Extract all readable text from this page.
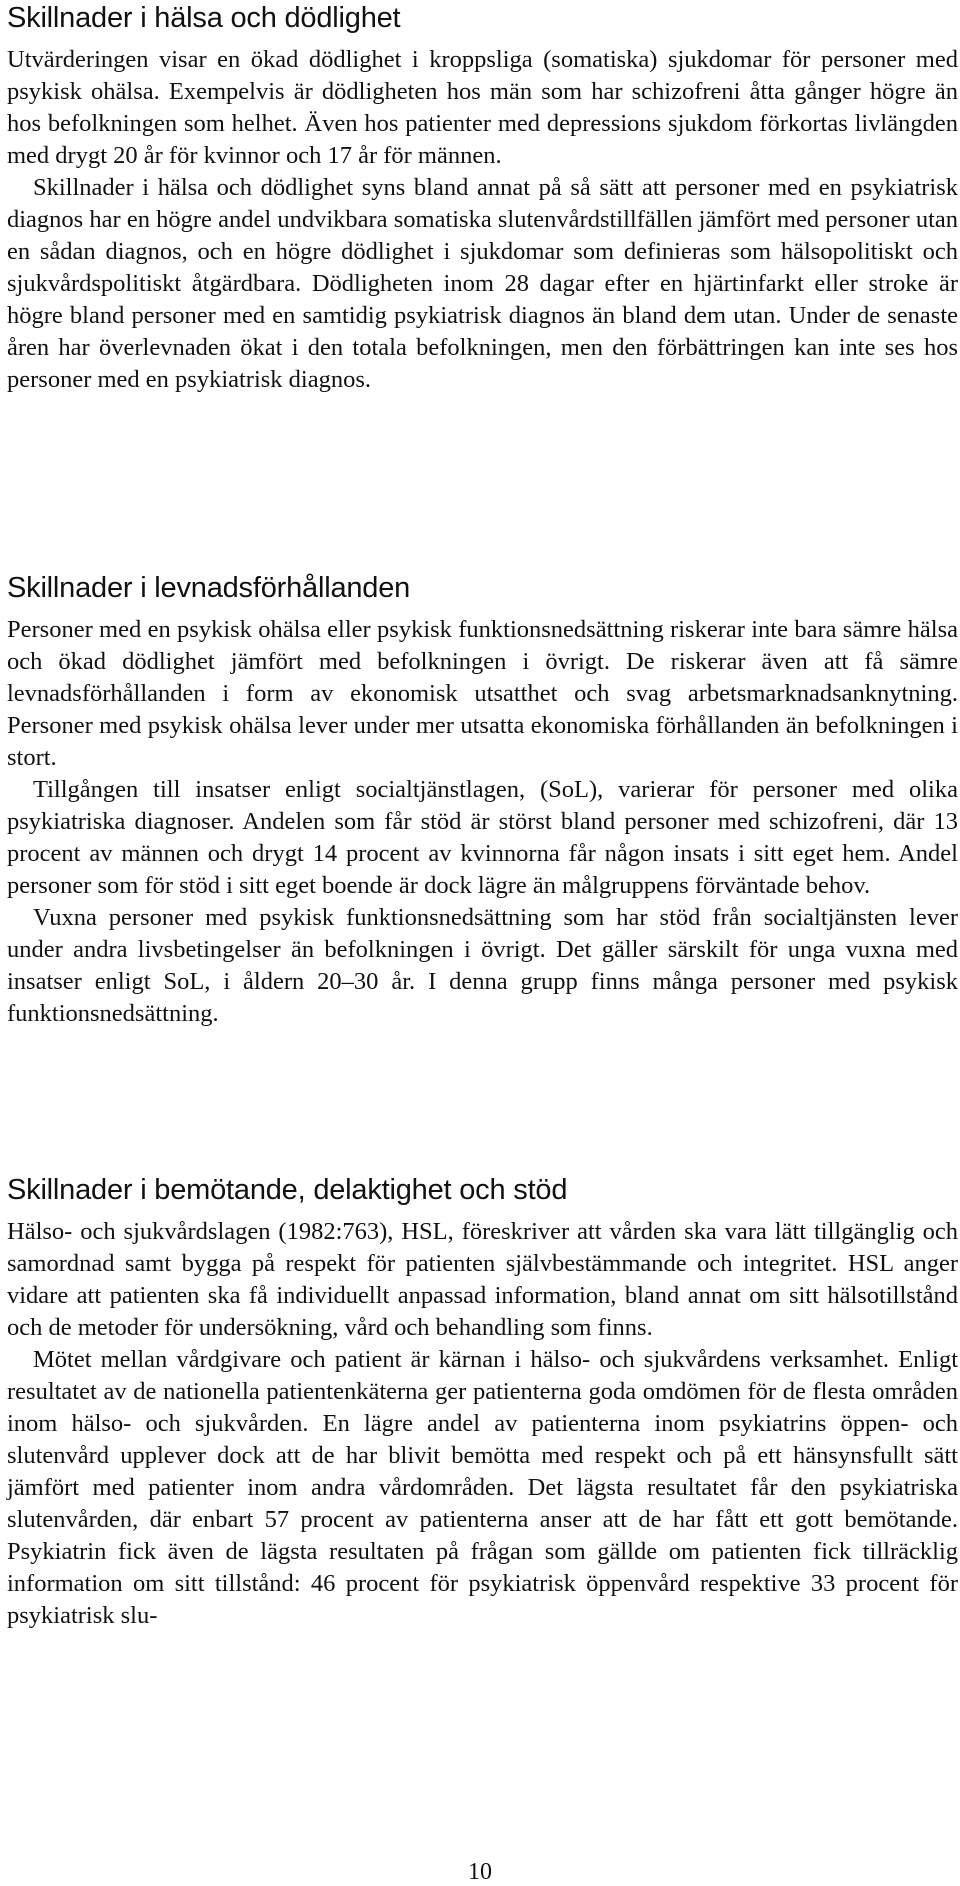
Skillnader i hälsa och dödlighet

Utvärderingen visar en ökad dödlighet i kroppsliga (somatiska) sjukdomar för personer med psykisk ohälsa. Exempelvis är dödligheten hos män som har schizofreni åtta gånger högre än hos befolkningen som helhet. Även hos patienter med depressions sjukdom förkortas livlängden med drygt 20 år för kvinnor och 17 år för männen.

Skillnader i hälsa och dödlighet syns bland annat på så sätt att personer med en psykiatrisk diagnos har en högre andel undvikbara somatiska slutenvårdstillfällen jämfört med personer utan en sådan diagnos, och en högre dödlighet i sjukdomar som definieras som hälsopolitiskt och sjukvårdspolitiskt åtgärdbara. Dödligheten inom 28 dagar efter en hjärtinfarkt eller stroke är högre bland personer med en samtidig psykiatrisk diagnos än bland dem utan. Under de senaste åren har överlevnaden ökat i den totala befolkningen, men den förbättringen kan inte ses hos personer med en psykiatrisk diagnos.

Skillnader i levnadsförhållanden

Personer med en psykisk ohälsa eller psykisk funktionsnedsättning riskerar inte bara sämre hälsa och ökad dödlighet jämfört med befolkningen i övrigt. De riskerar även att få sämre levnadsförhållanden i form av ekonomisk utsatthet och svag arbetsmarknadsanknytning. Personer med psykisk ohälsa lever under mer utsatta ekonomiska förhållanden än befolkningen i stort.

Tillgången till insatser enligt socialtjänstlagen, (SoL), varierar för personer med olika psykiatriska diagnoser. Andelen som får stöd är störst bland personer med schizofreni, där 13 procent av männen och drygt 14 procent av kvinnorna får någon insats i sitt eget hem. Andel personer som för stöd i sitt eget boende är dock lägre än målgruppens förväntade behov.

Vuxna personer med psykisk funktionsnedsättning som har stöd från socialtjänsten lever under andra livsbetingelser än befolkningen i övrigt. Det gäller särskilt för unga vuxna med insatser enligt SoL, i åldern 20–30 år. I denna grupp finns många personer med psykisk funktionsnedsättning.

Skillnader i bemötande, delaktighet och stöd

Hälso- och sjukvårdslagen (1982:763), HSL, föreskriver att vården ska vara lätt tillgänglig och samordnad samt bygga på respekt för patienten självbestämmande och integritet. HSL anger vidare att patienten ska få individuellt anpassad information, bland annat om sitt hälsotillstånd och de metoder för undersökning, vård och behandling som finns.

Mötet mellan vårdgivare och patient är kärnan i hälso- och sjukvårdens verksamhet. Enligt resultatet av de nationella patientenkäterna ger patienterna goda omdömen för de flesta områden inom hälso- och sjukvården. En lägre andel av patienterna inom psykiatrins öppen- och slutenvård upplever dock att de har blivit bemötta med respekt och på ett hänsynsfullt sätt jämfört med patienter inom andra vårdområden. Det lägsta resultatet får den psykiatriska slutenvården, där enbart 57 procent av patienterna anser att de har fått ett gott bemötande. Psykiatrin fick även de lägsta resultaten på frågan som gällde om patienten fick tillräcklig information om sitt tillstånd: 46 procent för psykiatrisk öppenvård respektive 33 procent för psykiatrisk slu-

10
